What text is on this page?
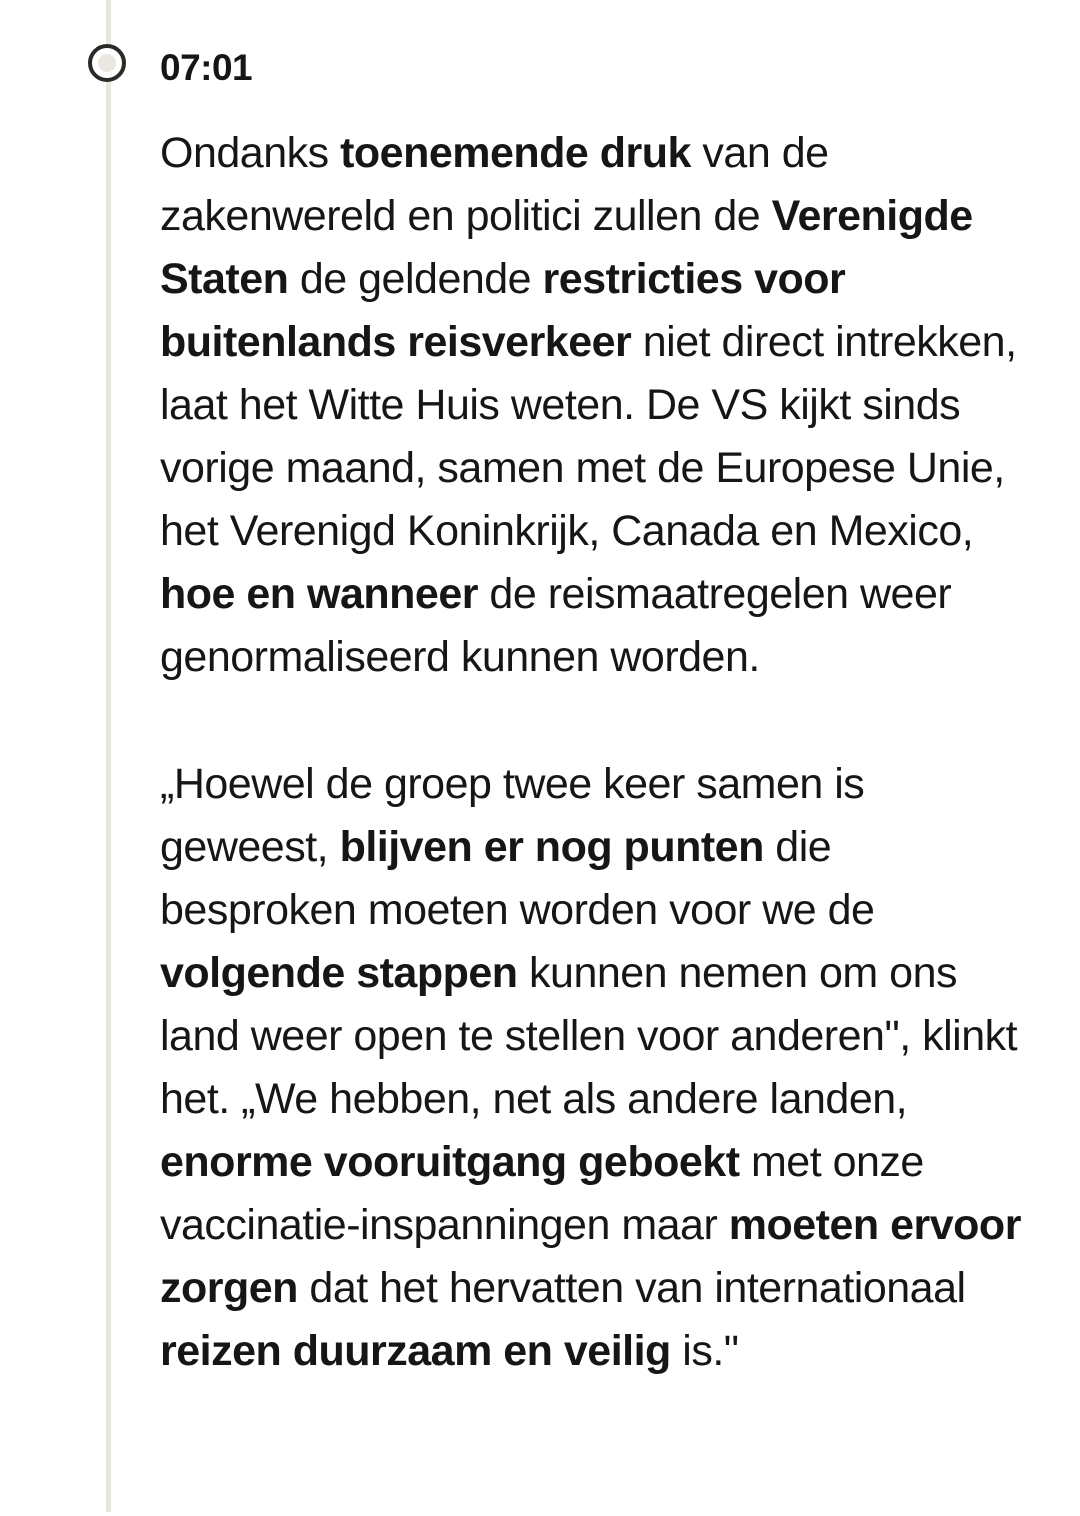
07:01

Ondanks toenemende druk van de zakenwereld en politici zullen de Verenigde Staten de geldende restricties voor buitenlands reisverkeer niet direct intrekken, laat het Witte Huis weten. De VS kijkt sinds vorige maand, samen met de Europese Unie, het Verenigd Koninkrijk, Canada en Mexico, hoe en wanneer de reismaatregelen weer genormaliseerd kunnen worden.

„Hoewel de groep twee keer samen is geweest, blijven er nog punten die besproken moeten worden voor we de volgende stappen kunnen nemen om ons land weer open te stellen voor anderen", klinkt het. „We hebben, net als andere landen, enorme vooruitgang geboekt met onze vaccinatie-inspanningen maar moeten ervoor zorgen dat het hervatten van internationaal reizen duurzaam en veilig is."
